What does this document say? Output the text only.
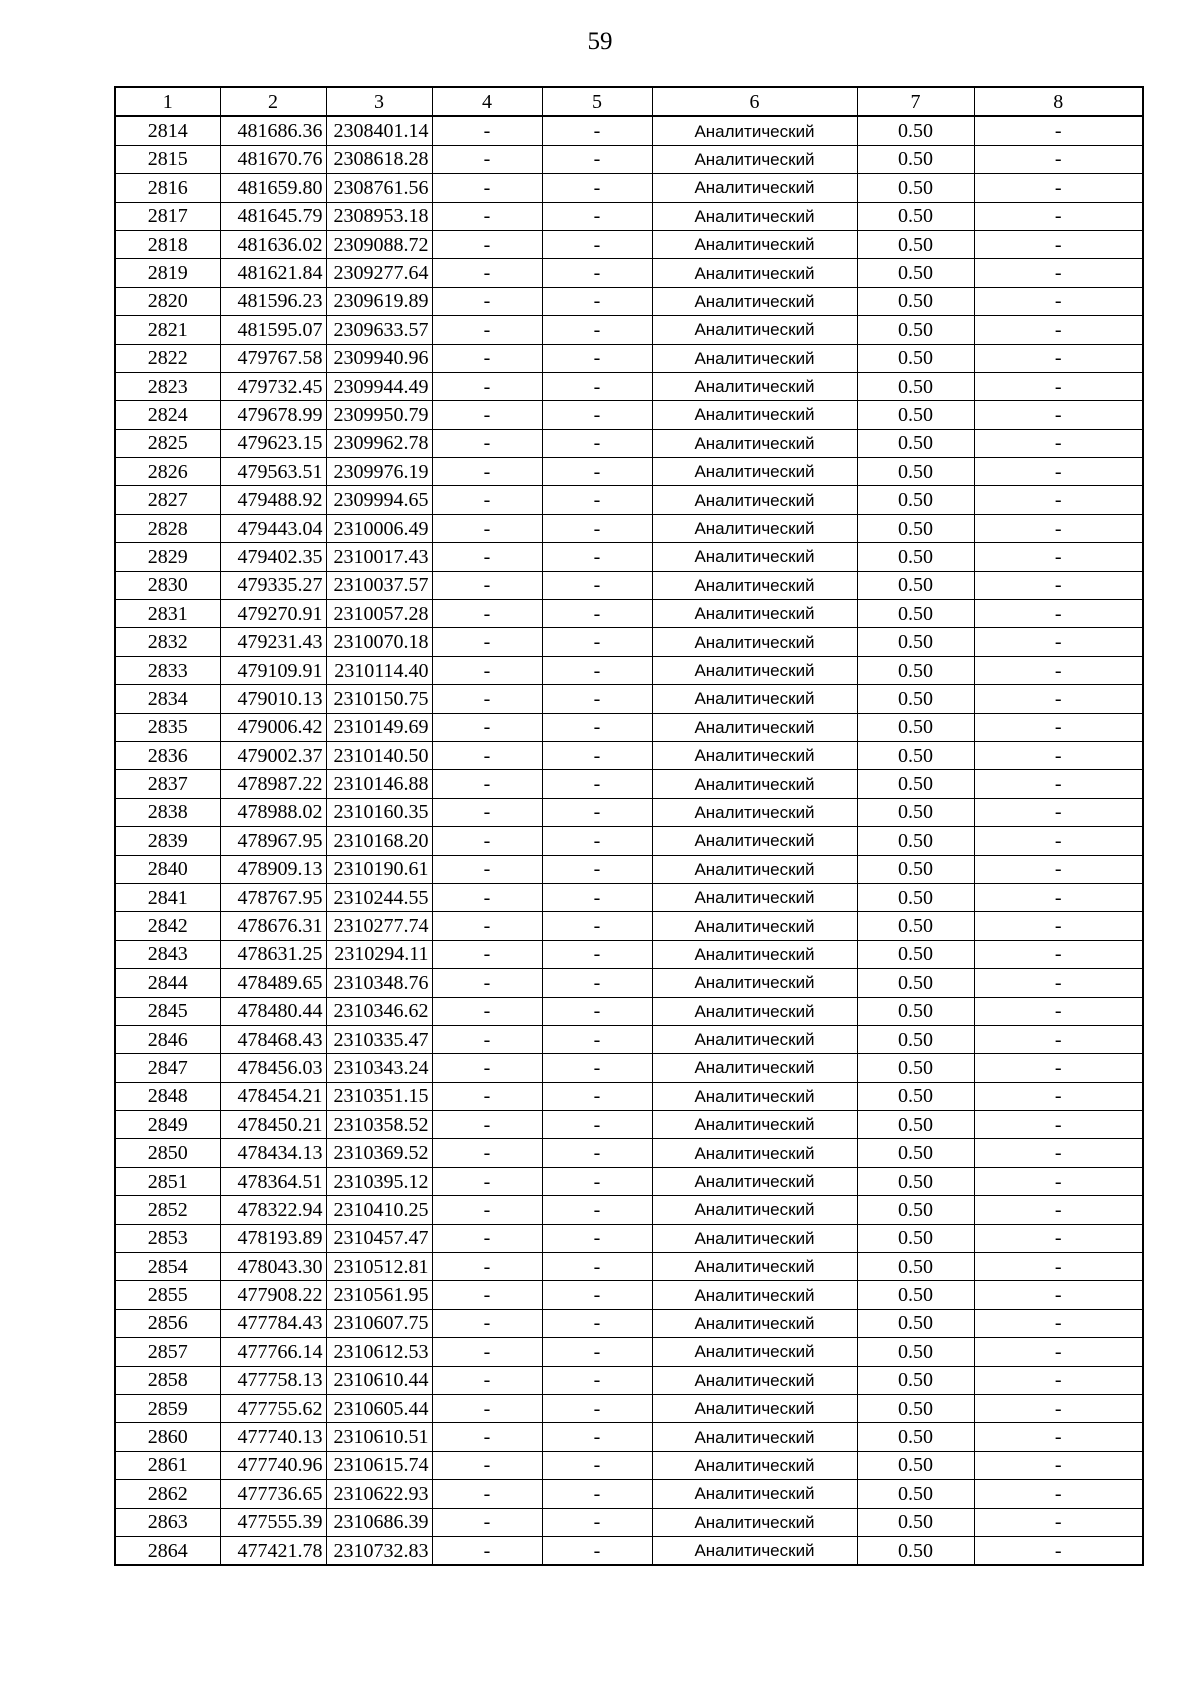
59
1	2	3	4	5	6	7	8
2814	481686.36	2308401.14	-	-	Аналитический	0.50	-
2815	481670.76	2308618.28	-	-	Аналитический	0.50	-
2816	481659.80	2308761.56	-	-	Аналитический	0.50	-
2817	481645.79	2308953.18	-	-	Аналитический	0.50	-
2818	481636.02	2309088.72	-	-	Аналитический	0.50	-
2819	481621.84	2309277.64	-	-	Аналитический	0.50	-
2820	481596.23	2309619.89	-	-	Аналитический	0.50	-
2821	481595.07	2309633.57	-	-	Аналитический	0.50	-
2822	479767.58	2309940.96	-	-	Аналитический	0.50	-
2823	479732.45	2309944.49	-	-	Аналитический	0.50	-
2824	479678.99	2309950.79	-	-	Аналитический	0.50	-
2825	479623.15	2309962.78	-	-	Аналитический	0.50	-
2826	479563.51	2309976.19	-	-	Аналитический	0.50	-
2827	479488.92	2309994.65	-	-	Аналитический	0.50	-
2828	479443.04	2310006.49	-	-	Аналитический	0.50	-
2829	479402.35	2310017.43	-	-	Аналитический	0.50	-
2830	479335.27	2310037.57	-	-	Аналитический	0.50	-
2831	479270.91	2310057.28	-	-	Аналитический	0.50	-
2832	479231.43	2310070.18	-	-	Аналитический	0.50	-
2833	479109.91	2310114.40	-	-	Аналитический	0.50	-
2834	479010.13	2310150.75	-	-	Аналитический	0.50	-
2835	479006.42	2310149.69	-	-	Аналитический	0.50	-
2836	479002.37	2310140.50	-	-	Аналитический	0.50	-
2837	478987.22	2310146.88	-	-	Аналитический	0.50	-
2838	478988.02	2310160.35	-	-	Аналитический	0.50	-
2839	478967.95	2310168.20	-	-	Аналитический	0.50	-
2840	478909.13	2310190.61	-	-	Аналитический	0.50	-
2841	478767.95	2310244.55	-	-	Аналитический	0.50	-
2842	478676.31	2310277.74	-	-	Аналитический	0.50	-
2843	478631.25	2310294.11	-	-	Аналитический	0.50	-
2844	478489.65	2310348.76	-	-	Аналитический	0.50	-
2845	478480.44	2310346.62	-	-	Аналитический	0.50	-
2846	478468.43	2310335.47	-	-	Аналитический	0.50	-
2847	478456.03	2310343.24	-	-	Аналитический	0.50	-
2848	478454.21	2310351.15	-	-	Аналитический	0.50	-
2849	478450.21	2310358.52	-	-	Аналитический	0.50	-
2850	478434.13	2310369.52	-	-	Аналитический	0.50	-
2851	478364.51	2310395.12	-	-	Аналитический	0.50	-
2852	478322.94	2310410.25	-	-	Аналитический	0.50	-
2853	478193.89	2310457.47	-	-	Аналитический	0.50	-
2854	478043.30	2310512.81	-	-	Аналитический	0.50	-
2855	477908.22	2310561.95	-	-	Аналитический	0.50	-
2856	477784.43	2310607.75	-	-	Аналитический	0.50	-
2857	477766.14	2310612.53	-	-	Аналитический	0.50	-
2858	477758.13	2310610.44	-	-	Аналитический	0.50	-
2859	477755.62	2310605.44	-	-	Аналитический	0.50	-
2860	477740.13	2310610.51	-	-	Аналитический	0.50	-
2861	477740.96	2310615.74	-	-	Аналитический	0.50	-
2862	477736.65	2310622.93	-	-	Аналитический	0.50	-
2863	477555.39	2310686.39	-	-	Аналитический	0.50	-
2864	477421.78	2310732.83	-	-	Аналитический	0.50	-
